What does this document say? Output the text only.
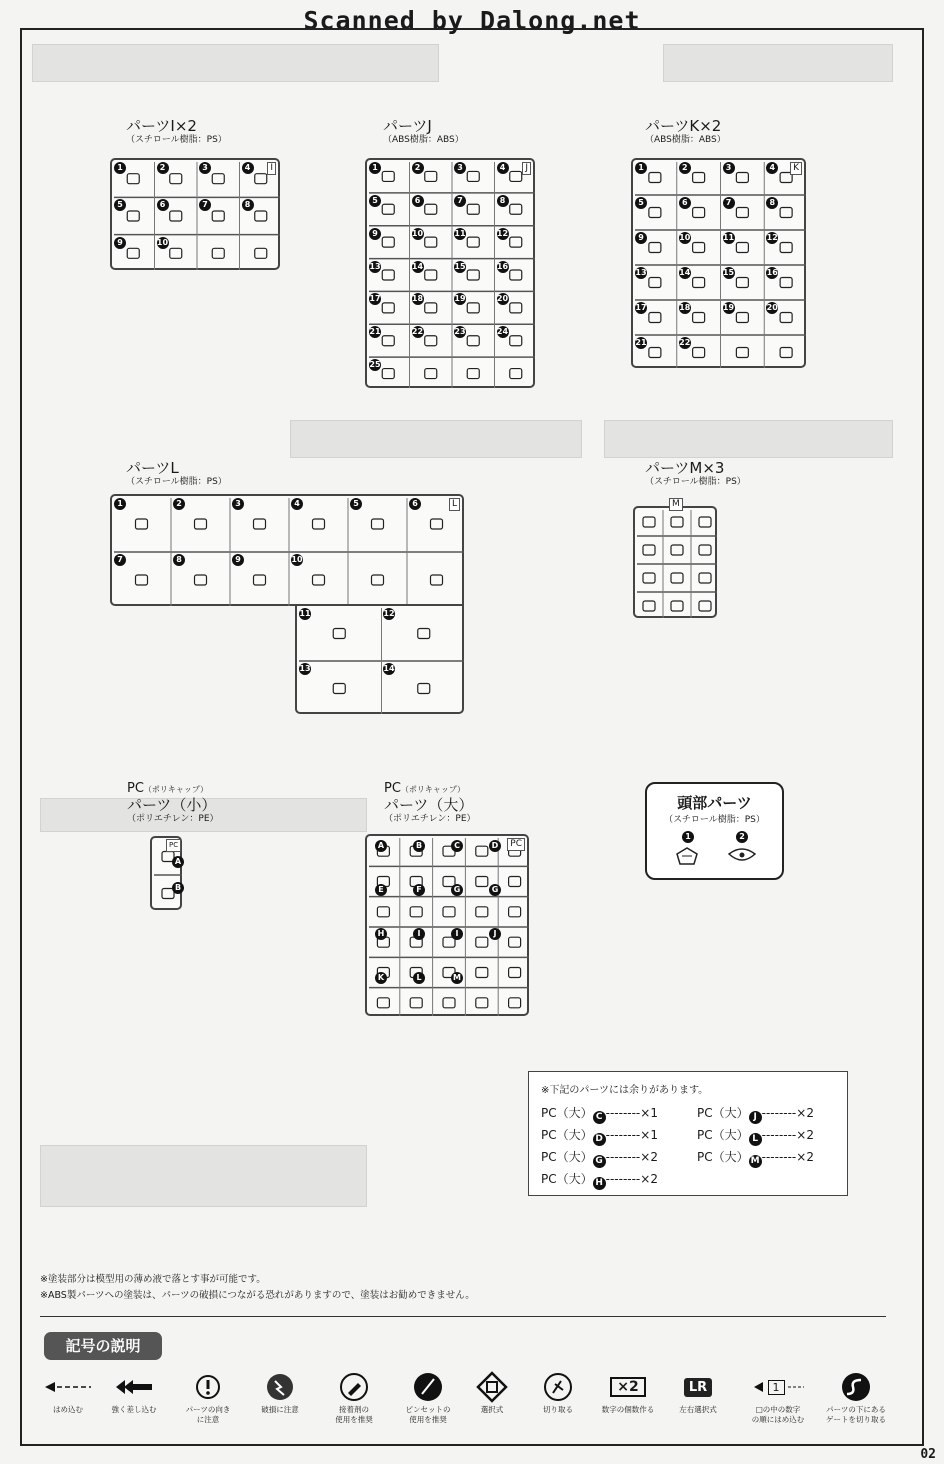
Scanned by Dalong.net
パーツI×2
（スチロール樹脂：PS）
I
1	2	3	4
5	6	7	8
9	10
パーツJ
（ABS樹脂：ABS）
J
1	2	3	4
5	6	7	8
9	10	11	12
13	14	15	16
17	18	19	20
21	22	23	24
25
パーツK×2
（ABS樹脂：ABS）
K
1	2	3	4
5	6	7	8
9	10	11	12
13	14	15	16
17	18	19	20
21	22
パーツL
（スチロール樹脂：PS）
L
1	2	3	4	5	6
7	8	9	10
11	12
13	14
パーツM×3
（スチロール樹脂：PS）
M
PC（ポリキャップ）
パーツ（小）
（ポリエチレン：PE）
PC
A
B
PC（ポリキャップ）
パーツ（大）
（ポリエチレン：PE）
PC
A	B	C	D
E	F	G	G
H	I	I	J
K	L	M
頭部パーツ
（スチロール樹脂：PS）
1	2
※下記のパーツには余りがあります。
PC（大） C --------×1
PC（大） D --------×1
PC（大） G --------×2
PC（大） H --------×2
PC（大） J --------×2
PC（大） L --------×2
PC（大） M --------×2
※塗装部分は模型用の薄め液で落とす事が可能です。
※ABS製パーツへの塗装は、パーツの破損につながる恐れがありますので、塗装はお勧めできません。
記号の説明
はめ込む	強く差し込む	パーツの向き
に注意
破損に注意	接着剤の
使用を推奨
ピンセットの
使用を推奨
選択式	切り取る
×2
数字の個数作る
LR
左右選択式
1
□の中の数字
の順にはめ込む
パーツの下にある
ゲートを切り取る
02
